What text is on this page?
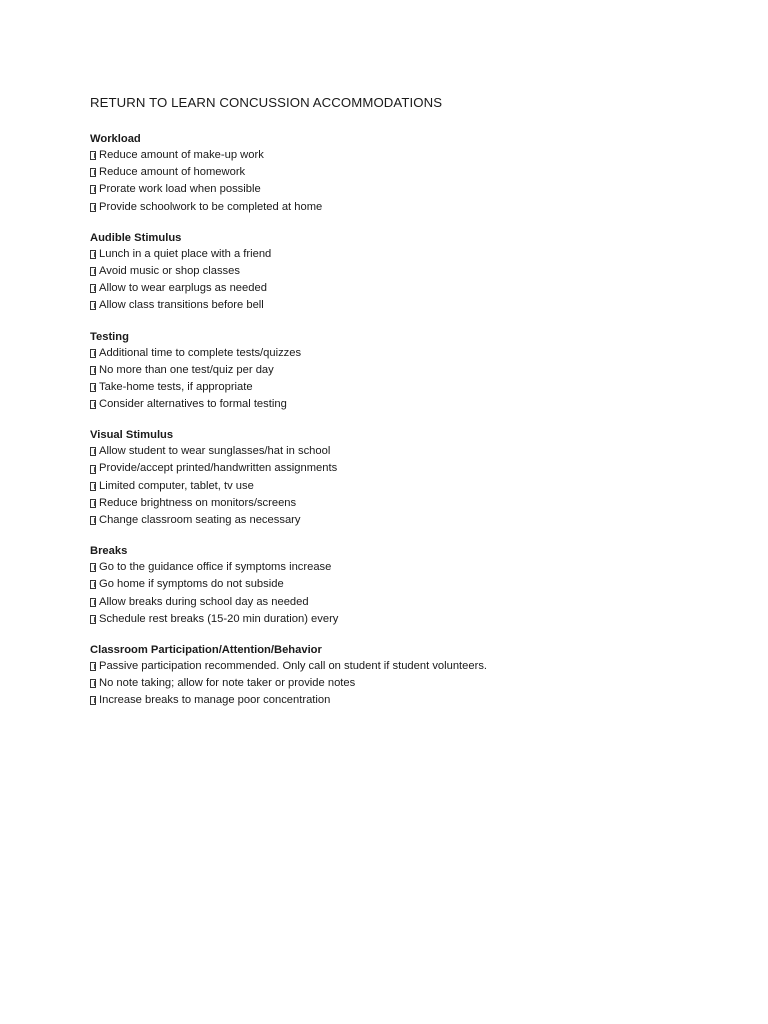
RETURN TO LEARN CONCUSSION ACCOMMODATIONS
Workload
Reduce amount of make-up work
Reduce amount of homework
Prorate work load when possible
Provide schoolwork to be completed at home
Audible Stimulus
Lunch in a quiet place with a friend
Avoid music or shop classes
Allow to wear earplugs as needed
Allow class transitions before bell
Testing
Additional time to complete tests/quizzes
No more than one test/quiz per day
Take-home tests, if appropriate
Consider alternatives to formal testing
Visual Stimulus
Allow student to wear sunglasses/hat in school
Provide/accept printed/handwritten assignments
Limited computer, tablet, tv use
Reduce brightness on monitors/screens
Change classroom seating as necessary
Breaks
Go to the guidance office if symptoms increase
Go home if symptoms do not subside
Allow breaks during school day as needed
Schedule rest breaks (15-20 min duration) every
Classroom Participation/Attention/Behavior
Passive participation recommended. Only call on student if student volunteers.
No note taking; allow for note taker or provide notes
Increase breaks to manage poor concentration
